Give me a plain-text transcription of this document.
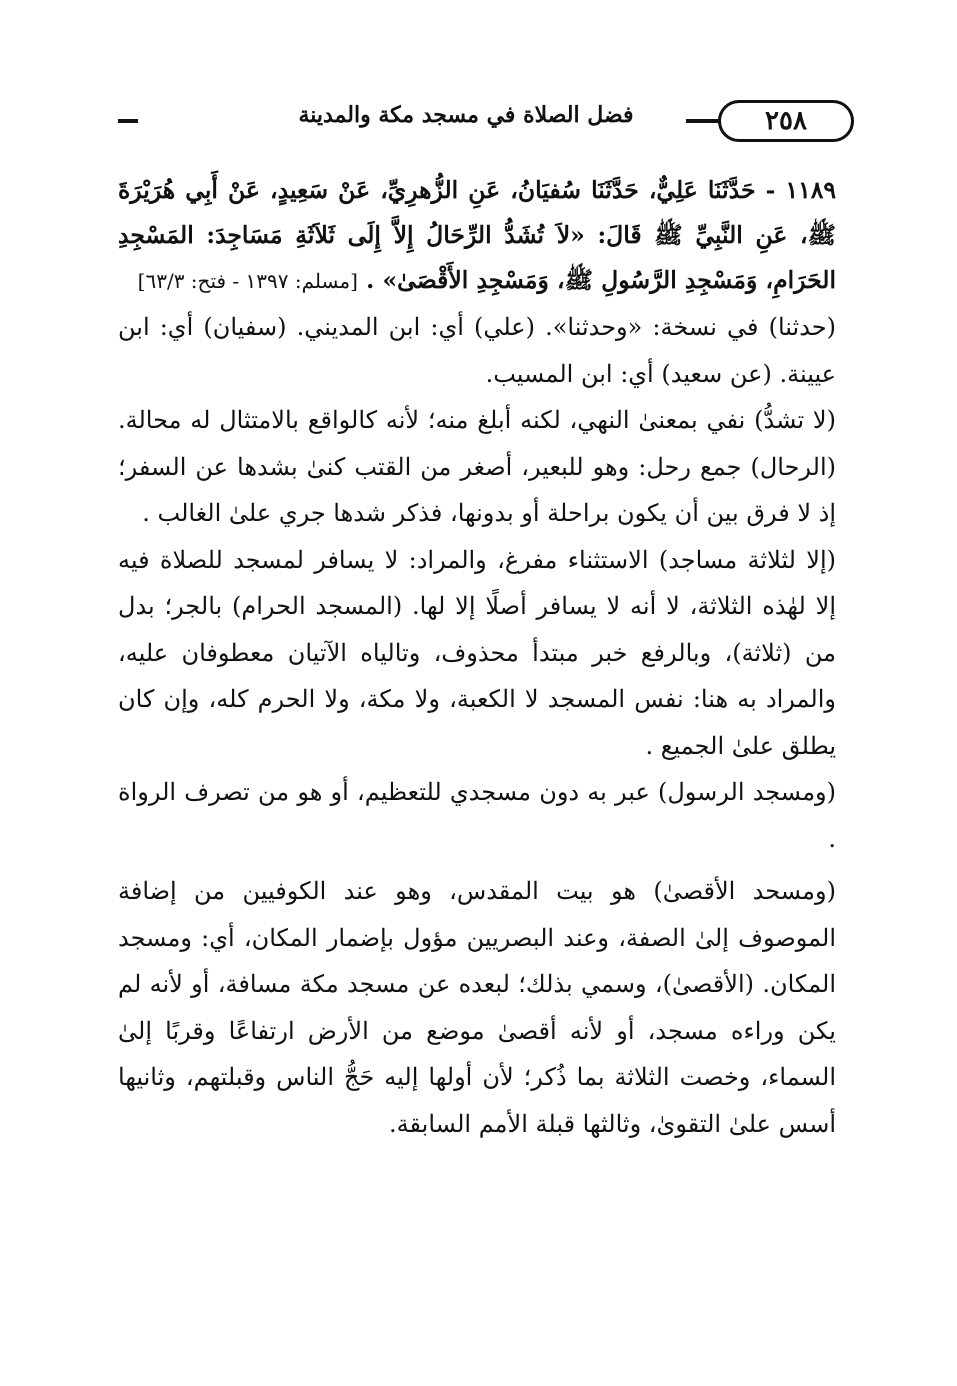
فضل الصلاة في مسجد مكة والمدينة	٢٥٨

١١٨٩ - حَدَّثَنَا عَلِيٌّ، حَدَّثَنَا سُفيَانُ، عَنِ الزُّهرِيِّ، عَنْ سَعِيدٍ، عَنْ أَبِي هُرَيْرَةَ ﷺ، عَنِ النَّبِيِّ ﷺ قَالَ: «لاَ تُشَدُّ الرِّحَالُ إِلاَّ إِلَى ثَلاَثَةِ مَسَاجِدَ: المَسْجِدِ الحَرَامِ، وَمَسْجِدِ الرَّسُولِ ﷺ، وَمَسْجِدِ الأَقْصَىٰ» . [مسلم: ١٣٩٧ - فتح: ٦٣/٣]

(حدثنا) في نسخة: «وحدثنا». (علي) أي: ابن المديني. (سفيان) أي: ابن عيينة. (عن سعيد) أي: ابن المسيب.

(لا تشدُّ) نفي بمعنىٰ النهي، لكنه أبلغ منه؛ لأنه كالواقع بالامتثال له محالة. (الرحال) جمع رحل: وهو للبعير، أصغر من القتب كنىٰ بشدها عن السفر؛ إذ لا فرق بين أن يكون براحلة أو بدونها، فذكر شدها جري علىٰ الغالب .

(إلا لثلاثة مساجد) الاستثناء مفرغ، والمراد: لا يسافر لمسجد للصلاة فيه إلا لهٰذه الثلاثة، لا أنه لا يسافر أصلًا إلا لها. (المسجد الحرام) بالجر؛ بدل من (ثلاثة)، وبالرفع خبر مبتدأ محذوف، وتالياه الآتيان معطوفان عليه، والمراد به هنا: نفس المسجد لا الكعبة، ولا مكة، ولا الحرم كله، وإن كان يطلق علىٰ الجميع .

(ومسجد الرسول) عبر به دون مسجدي للتعظيم، أو هو من تصرف الرواة .

(ومسحد الأقصىٰ) هو بيت المقدس، وهو عند الكوفيين من إضافة الموصوف إلىٰ الصفة، وعند البصريين مؤول بإضمار المكان، أي: ومسجد المكان. (الأقصىٰ)، وسمي بذلك؛ لبعده عن مسجد مكة مسافة، أو لأنه لم يكن وراءه مسجد، أو لأنه أقصىٰ موضع من الأرض ارتفاعًا وقربًا إلىٰ السماء، وخصت الثلاثة بما ذُكر؛ لأن أولها إليه حَجُّ الناس وقبلتهم، وثانيها أسس علىٰ التقوىٰ، وثالثها قبلة الأمم السابقة.
